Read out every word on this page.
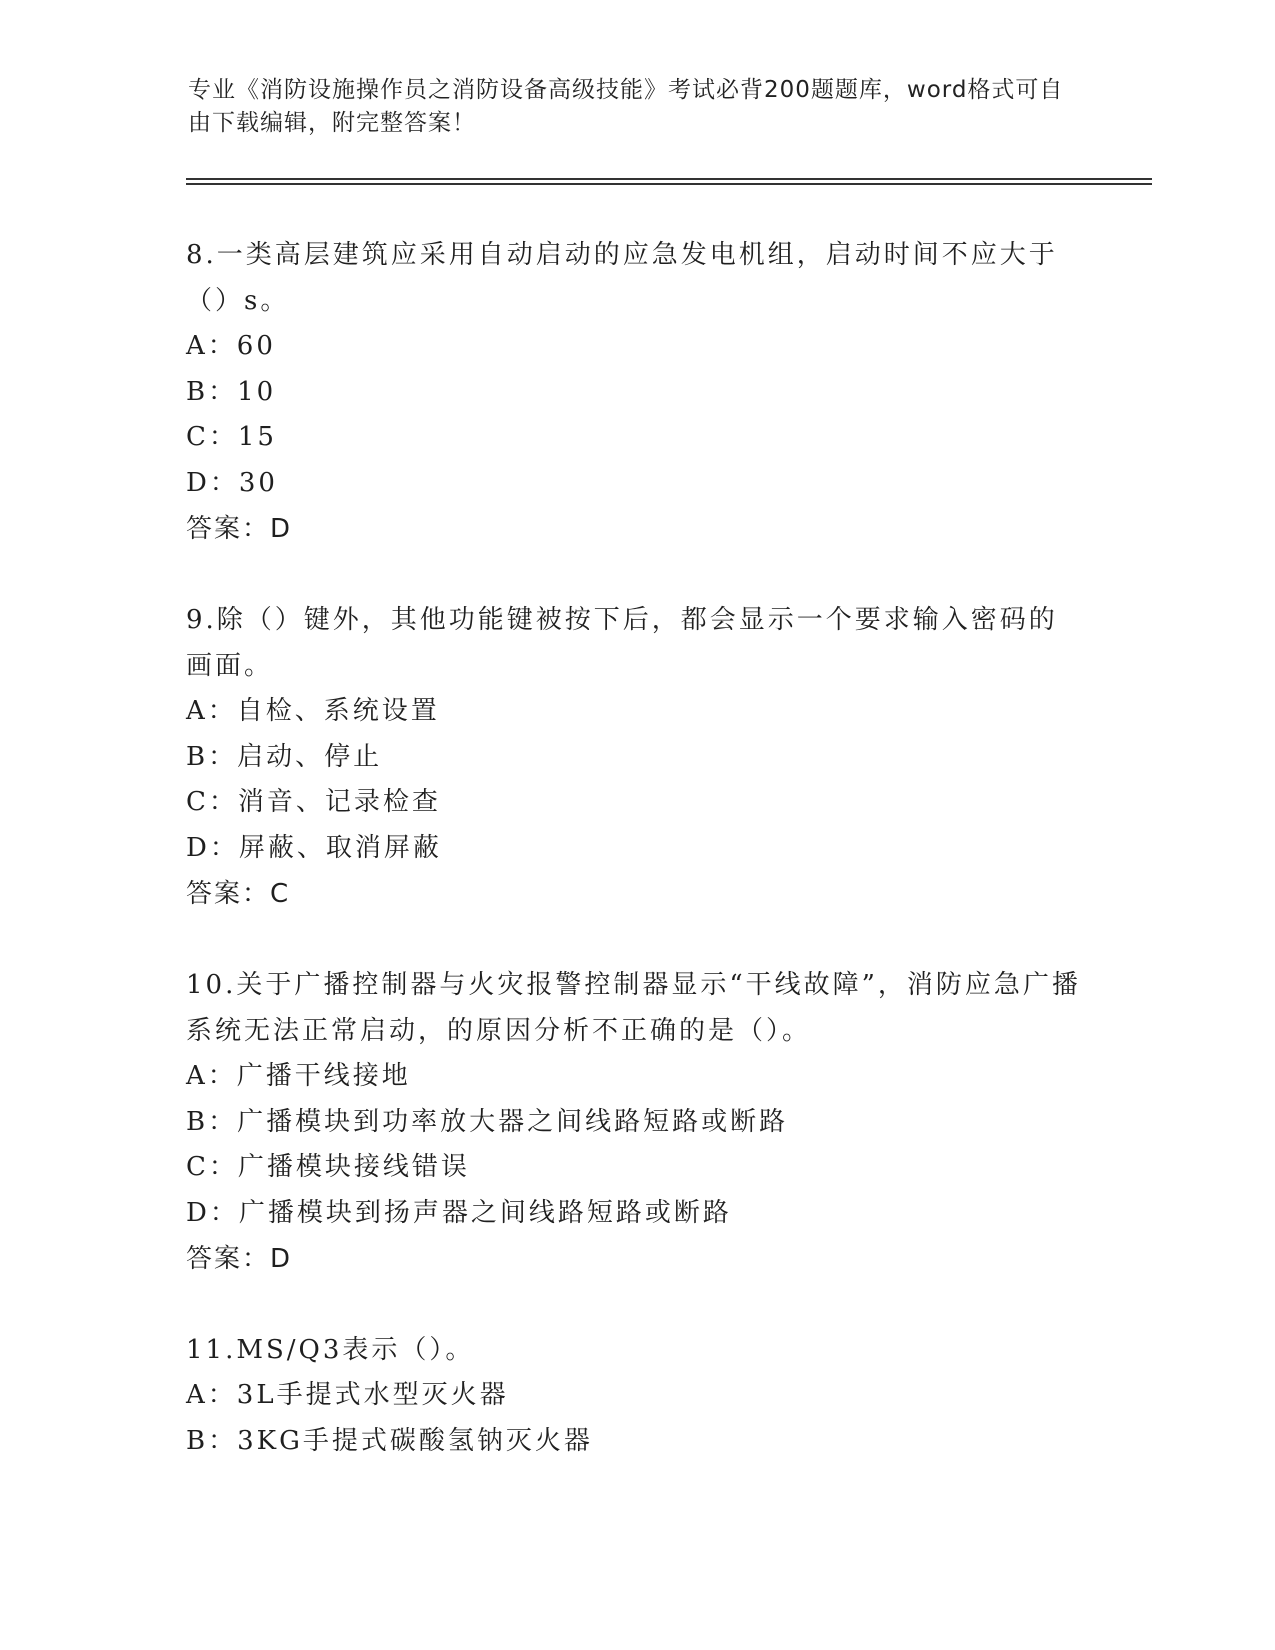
专业《消防设施操作员之消防设备高级技能》考试必背200题题库，word格式可自由下载编辑，附完整答案！

8.一类高层建筑应采用自动启动的应急发电机组，启动时间不应大于（）s。

A：60

B：10

C：15

D：30

答案：D

9.除（）键外，其他功能键被按下后，都会显示一个要求输入密码的画面。

A：自检、系统设置

B：启动、停止

C：消音、记录检查

D：屏蔽、取消屏蔽

答案：C

10.关于广播控制器与火灾报警控制器显示“干线故障”，消防应急广播系统无法正常启动，的原因分析不正确的是（）。

A：广播干线接地

B：广播模块到功率放大器之间线路短路或断路

C：广播模块接线错误

D：广播模块到扬声器之间线路短路或断路

答案：D

11.MS/Q3表示（）。

A：3L手提式水型灭火器

B：3KG手提式碳酸氢钠灭火器
